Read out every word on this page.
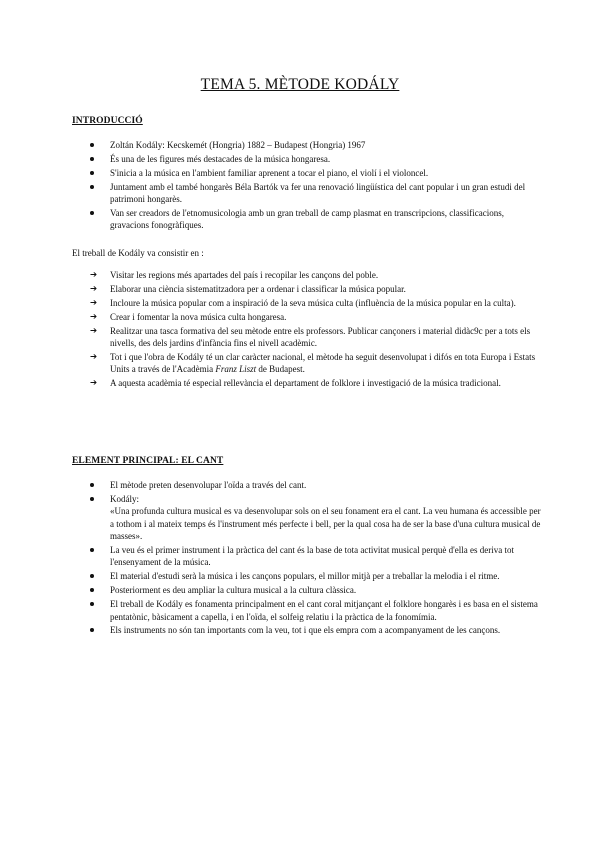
TEMA 5. MÈTODE KODÁLY
INTRODUCCIÓ
Zoltán Kodály: Kecskemét (Hongria) 1882 – Budapest (Hongria) 1967
És una de les figures més destacades de la música hongaresa.
S'inicia a la música en l'ambient familiar aprenent a tocar el piano, el violí i el violoncel.
Juntament amb el també hongarès Béla Bartók va fer una renovació lingüística del cant popular i un gran estudi del patrimoni hongarès.
Van ser creadors de l'etnomusicologia amb un gran treball de camp plasmat en transcripcions, classificacions, gravacions fonogràfiques.

El treball de Kodály va consistir en :

➔	Visitar les regions més apartades del país i recopilar les cançons del poble.
➔	Elaborar una ciència sistematitzadora per a ordenar i classificar la música popular.
➔	Incloure la música popular com a inspiració de la seva música culta (influència de la música popular en la culta).
➔	Crear i fomentar la nova música culta hongaresa.
➔	Realitzar una tasca formativa del seu mètode entre els professors. Publicar cançoners i material didàc9c per a tots els nivells, des dels jardins d'infància fins el nivell acadèmic.
➔	Tot i que l'obra de Kodály té un clar caràcter nacional, el mètode ha seguit desenvolupat i difós en tota Europa i Estats Units a través de l'Acadèmia Franz Liszt de Budapest.
➔	A aquesta acadèmia té especial rellevància el departament de folklore i investigació de la música tradicional.
ELEMENT PRINCIPAL: EL CANT
El mètode preten desenvolupar l'oïda a través del cant.
Kodály:
«Una profunda cultura musical es va desenvolupar sols on el seu fonament era el cant. La veu humana és accessible per a tothom i al mateix temps és l'instrument més perfecte i bell, per la qual cosa ha de ser la base d'una cultura musical de masses».
La veu és el primer instrument i la pràctica del cant és la base de tota activitat musical perquè d'ella es deriva tot l'ensenyament de la música.
El material d'estudi serà la música i les cançons populars, el millor mitjà per a treballar la melodia i el ritme.
Posteriorment es deu ampliar la cultura musical a la cultura clàssica.
El treball de Kodály es fonamenta principalment en el cant coral mitjançant el folklore hongarès i es basa en el sistema pentatònic, bàsicament a capella, i en l'oïda, el solfeig relatiu i la pràctica de la fonomímia.
Els instruments no són tan importants com la veu, tot i que els empra com a acompanyament de les cançons.
